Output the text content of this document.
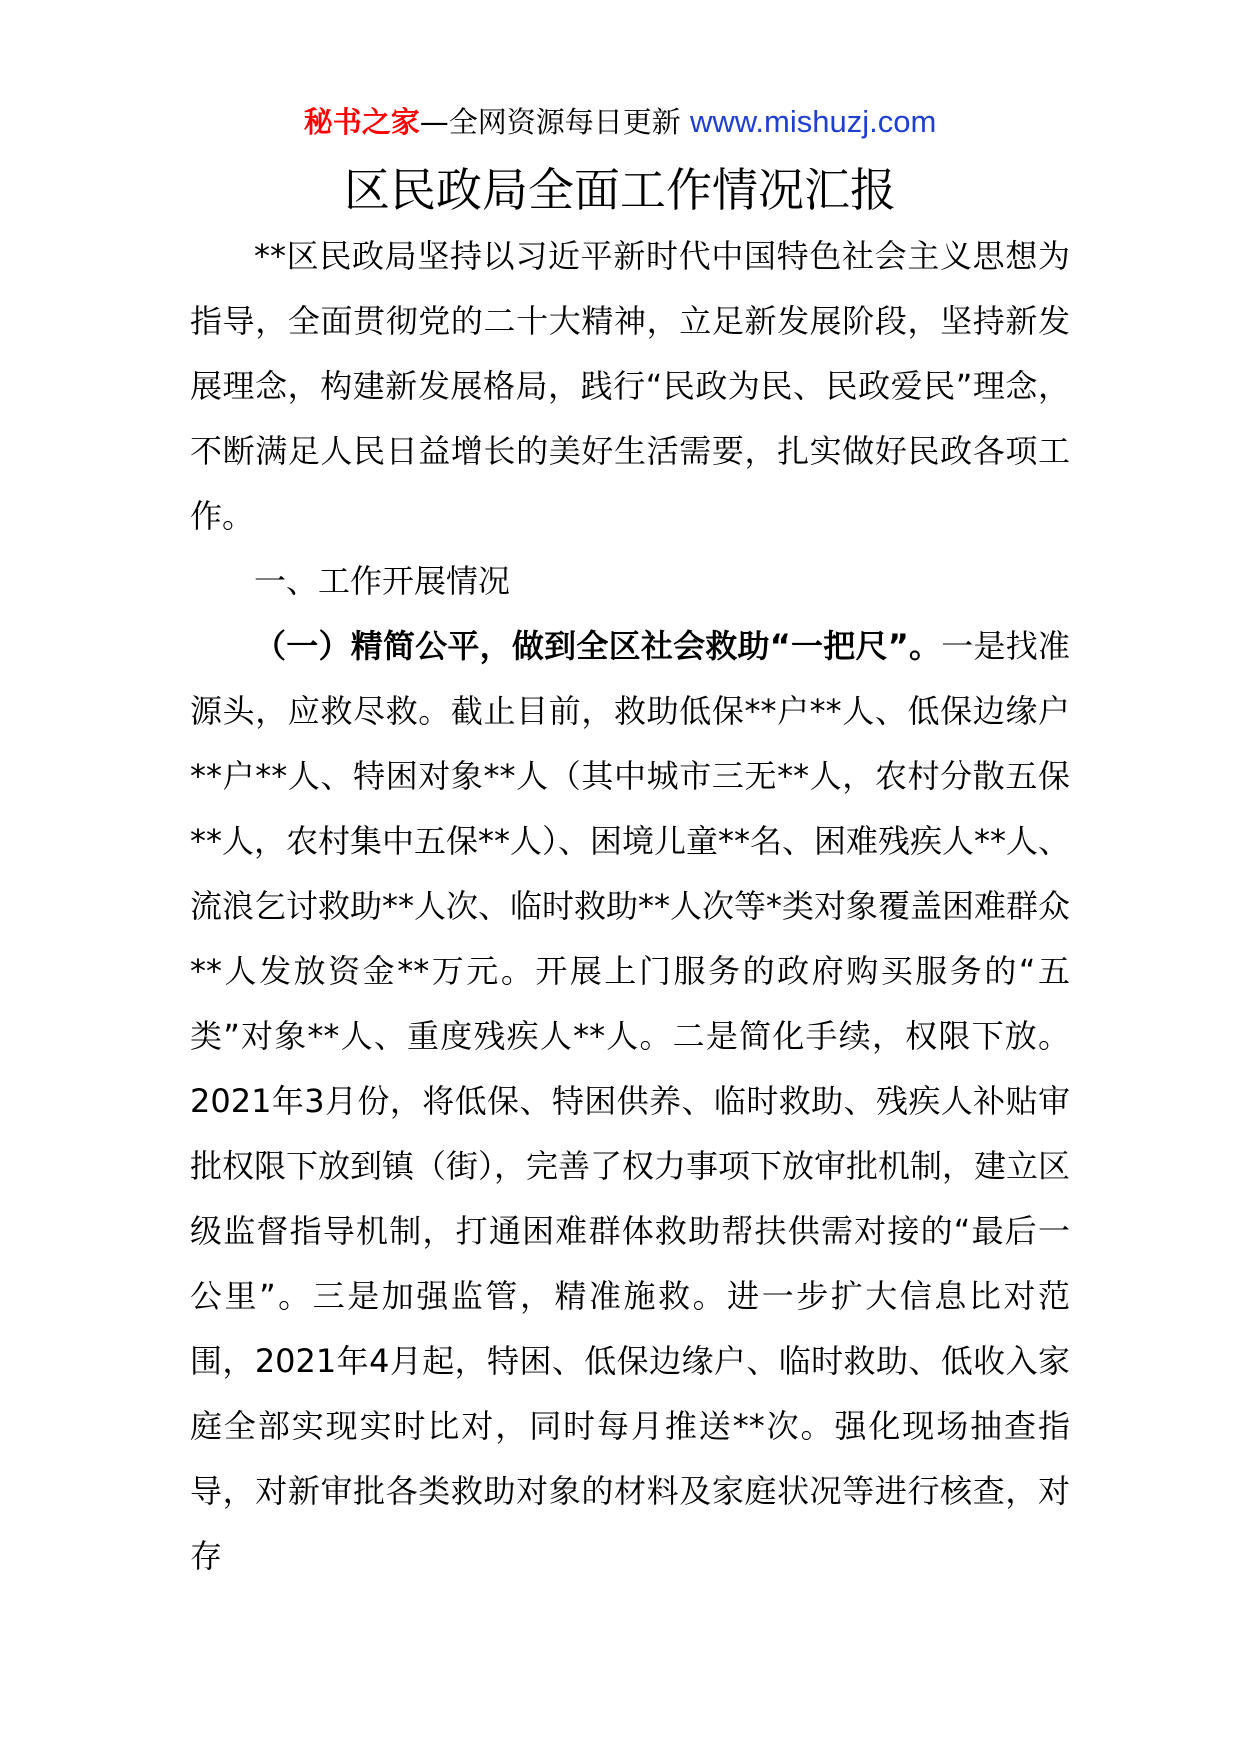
秘书之家—全网资源每日更新 www.mishuzj.com
区民政局全面工作情况汇报

**区民政局坚持以习近平新时代中国特色社会主义思想为指导，全面贯彻党的二十大精神，立足新发展阶段，坚持新发展理念，构建新发展格局，践行“民政为民、民政爱民”理念，不断满足人民日益增长的美好生活需要，扎实做好民政各项工作。

一、工作开展情况

（一）精简公平，做到全区社会救助“一把尺”。一是找准源头，应救尽救。截止目前，救助低保**户**人、低保边缘户**户**人、特困对象**人（其中城市三无**人，农村分散五保**人，农村集中五保**人）、困境儿童**名、困难残疾人**人、流浪乞讨救助**人次、临时救助**人次等*类对象覆盖困难群众**人发放资金**万元。开展上门服务的政府购买服务的“五类”对象**人、重度残疾人**人。二是简化手续，权限下放。2021年3月份，将低保、特困供养、临时救助、残疾人补贴审批权限下放到镇（街），完善了权力事项下放审批机制，建立区级监督指导机制，打通困难群体救助帮扶供需对接的“最后一公里”。三是加强监管，精准施救。进一步扩大信息比对范围，2021年4月起，特困、低保边缘户、临时救助、低收入家庭全部实现实时比对，同时每月推送**次。强化现场抽查指导，对新审批各类救助对象的材料及家庭状况等进行核查，对存
